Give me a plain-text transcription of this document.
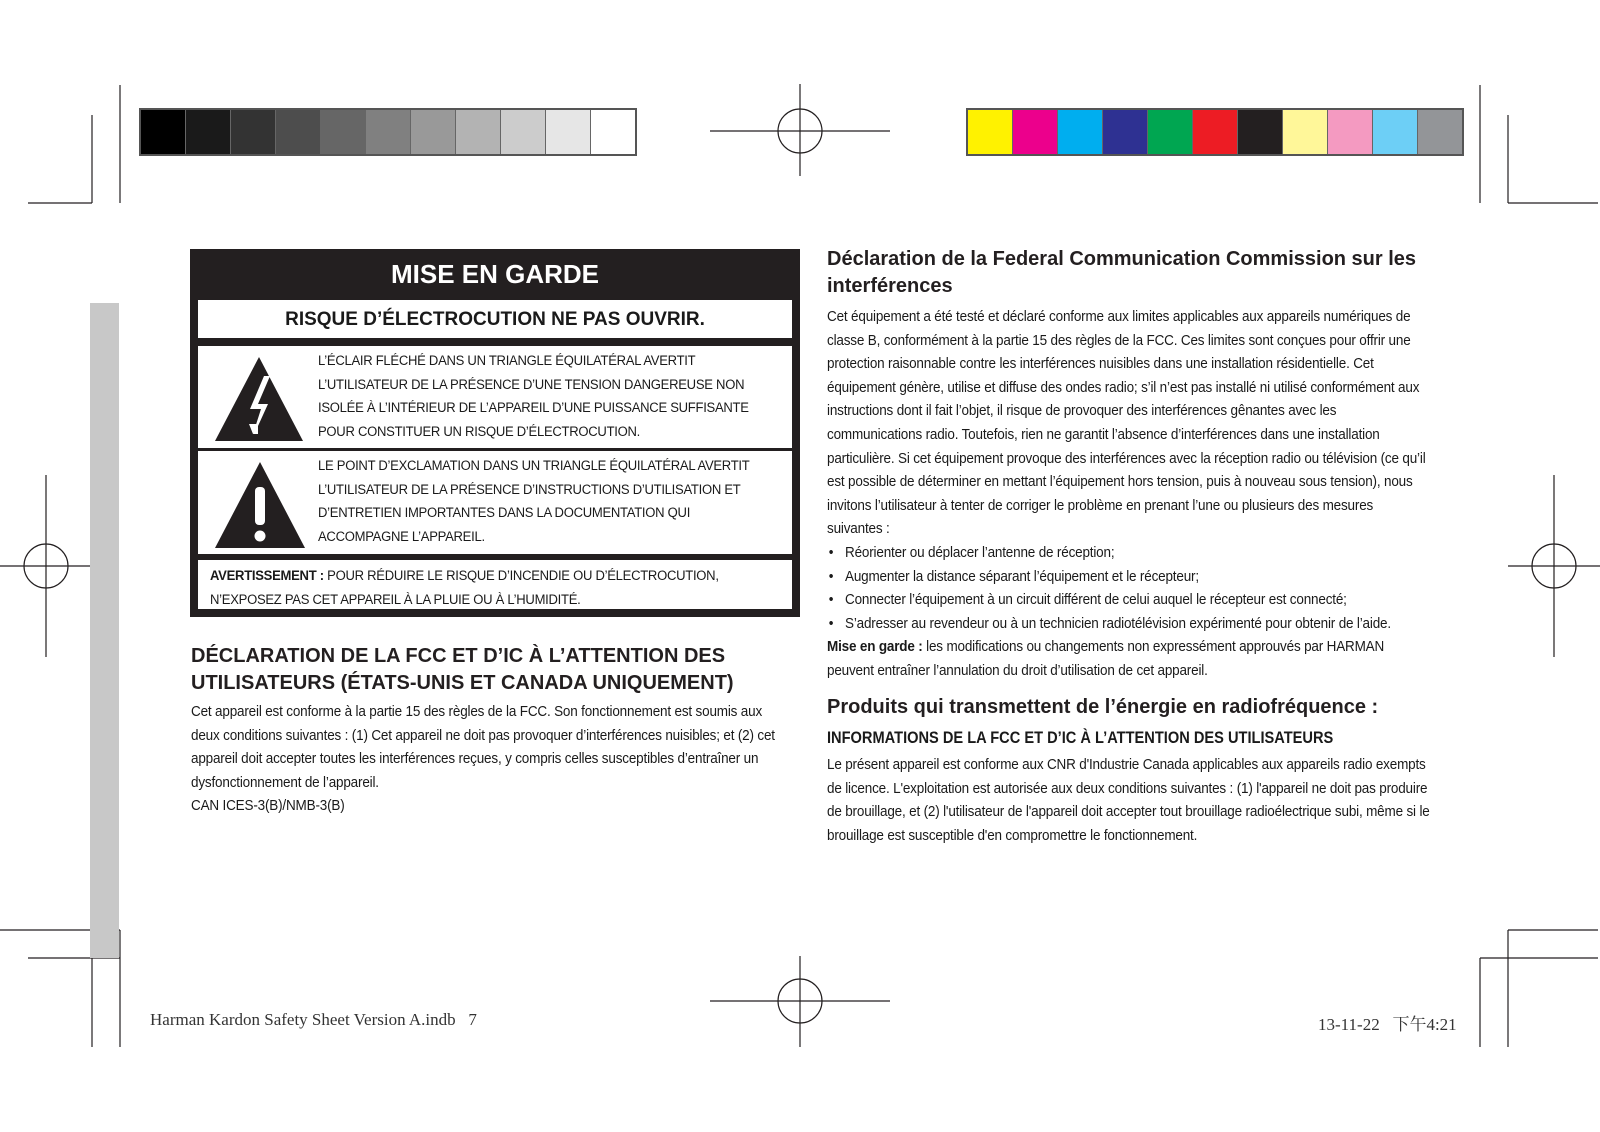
MISE EN GARDE
RISQUE D’ÉLECTROCUTION NE PAS OUVRIR.
L’ÉCLAIR FLÉCHÉ DANS UN TRIANGLE ÉQUILATÉRAL AVERTIT L’UTILISATEUR DE LA PRÉSENCE D’UNE TENSION DANGEREUSE NON ISOLÉE À L’INTÉRIEUR DE L’APPAREIL D’UNE PUISSANCE SUFFISANTE POUR CONSTITUER UN RISQUE D’ÉLECTROCUTION.
LE POINT D’EXCLAMATION DANS UN TRIANGLE ÉQUILATÉRAL AVERTIT L’UTILISATEUR DE LA PRÉSENCE D’INSTRUCTIONS D’UTILISATION ET D’ENTRETIEN IMPORTANTES DANS LA DOCUMENTATION QUI ACCOMPAGNE L’APPAREIL.
AVERTISSEMENT : POUR RÉDUIRE LE RISQUE D’INCENDIE OU D’ÉLECTROCUTION, N’EXPOSEZ PAS CET APPAREIL À LA PLUIE OU À L’HUMIDITÉ.
DÉCLARATION DE LA FCC ET D’IC À L’ATTENTION DES UTILISATEURS (ÉTATS-UNIS ET CANADA UNIQUEMENT)
Cet appareil est conforme à la partie 15 des règles de la FCC. Son fonctionnement est soumis aux deux conditions suivantes : (1) Cet appareil ne doit pas provoquer d’interférences nuisibles; et (2) cet appareil doit accepter toutes les interférences reçues, y compris celles susceptibles d’entraîner un dysfonctionnement de l’appareil.
CAN ICES-3(B)/NMB-3(B)
Déclaration de la Federal Communication Commission sur les interférences
Cet équipement a été testé et déclaré conforme aux limites applicables aux appareils numériques de classe B, conformément à la partie 15 des règles de la FCC. Ces limites sont conçues pour offrir une protection raisonnable contre les interférences nuisibles dans une installation résidentielle. Cet équipement génère, utilise et diffuse des ondes radio; s’il n’est pas installé ni utilisé conformément aux instructions dont il fait l’objet, il risque de provoquer des interférences gênantes avec les communications radio. Toutefois, rien ne garantit l’absence d’interférences dans une installation particulière. Si cet équipement provoque des interférences avec la réception radio ou télévision (ce qu’il est possible de déterminer en mettant l’équipement hors tension, puis à nouveau sous tension), nous invitons l’utilisateur à tenter de corriger le problème en prenant l’une ou plusieurs des mesures suivantes :
• Réorienter ou déplacer l’antenne de réception;
• Augmenter la distance séparant l’équipement et le récepteur;
• Connecter l’équipement à un circuit différent de celui auquel le récepteur est connecté;
• S’adresser au revendeur ou à un technicien radiotélévision expérimenté pour obtenir de l’aide.
Mise en garde : les modifications ou changements non expressément approuvés par HARMAN peuvent entraîner l’annulation du droit d’utilisation de cet appareil.
Produits qui transmettent de l’énergie en radiofréquence :
INFORMATIONS DE LA FCC ET D’IC À L’ATTENTION DES UTILISATEURS
Le présent appareil est conforme aux CNR d'Industrie Canada applicables aux appareils radio exempts de licence. L'exploitation est autorisée aux deux conditions suivantes : (1) l'appareil ne doit pas produire de brouillage, et (2) l'utilisateur de l'appareil doit accepter tout brouillage radioélectrique subi, même si le brouillage est susceptible d'en compromettre le fonctionnement.
Harman Kardon Safety Sheet Version A.indb   7	13-11-22   下午4:21
